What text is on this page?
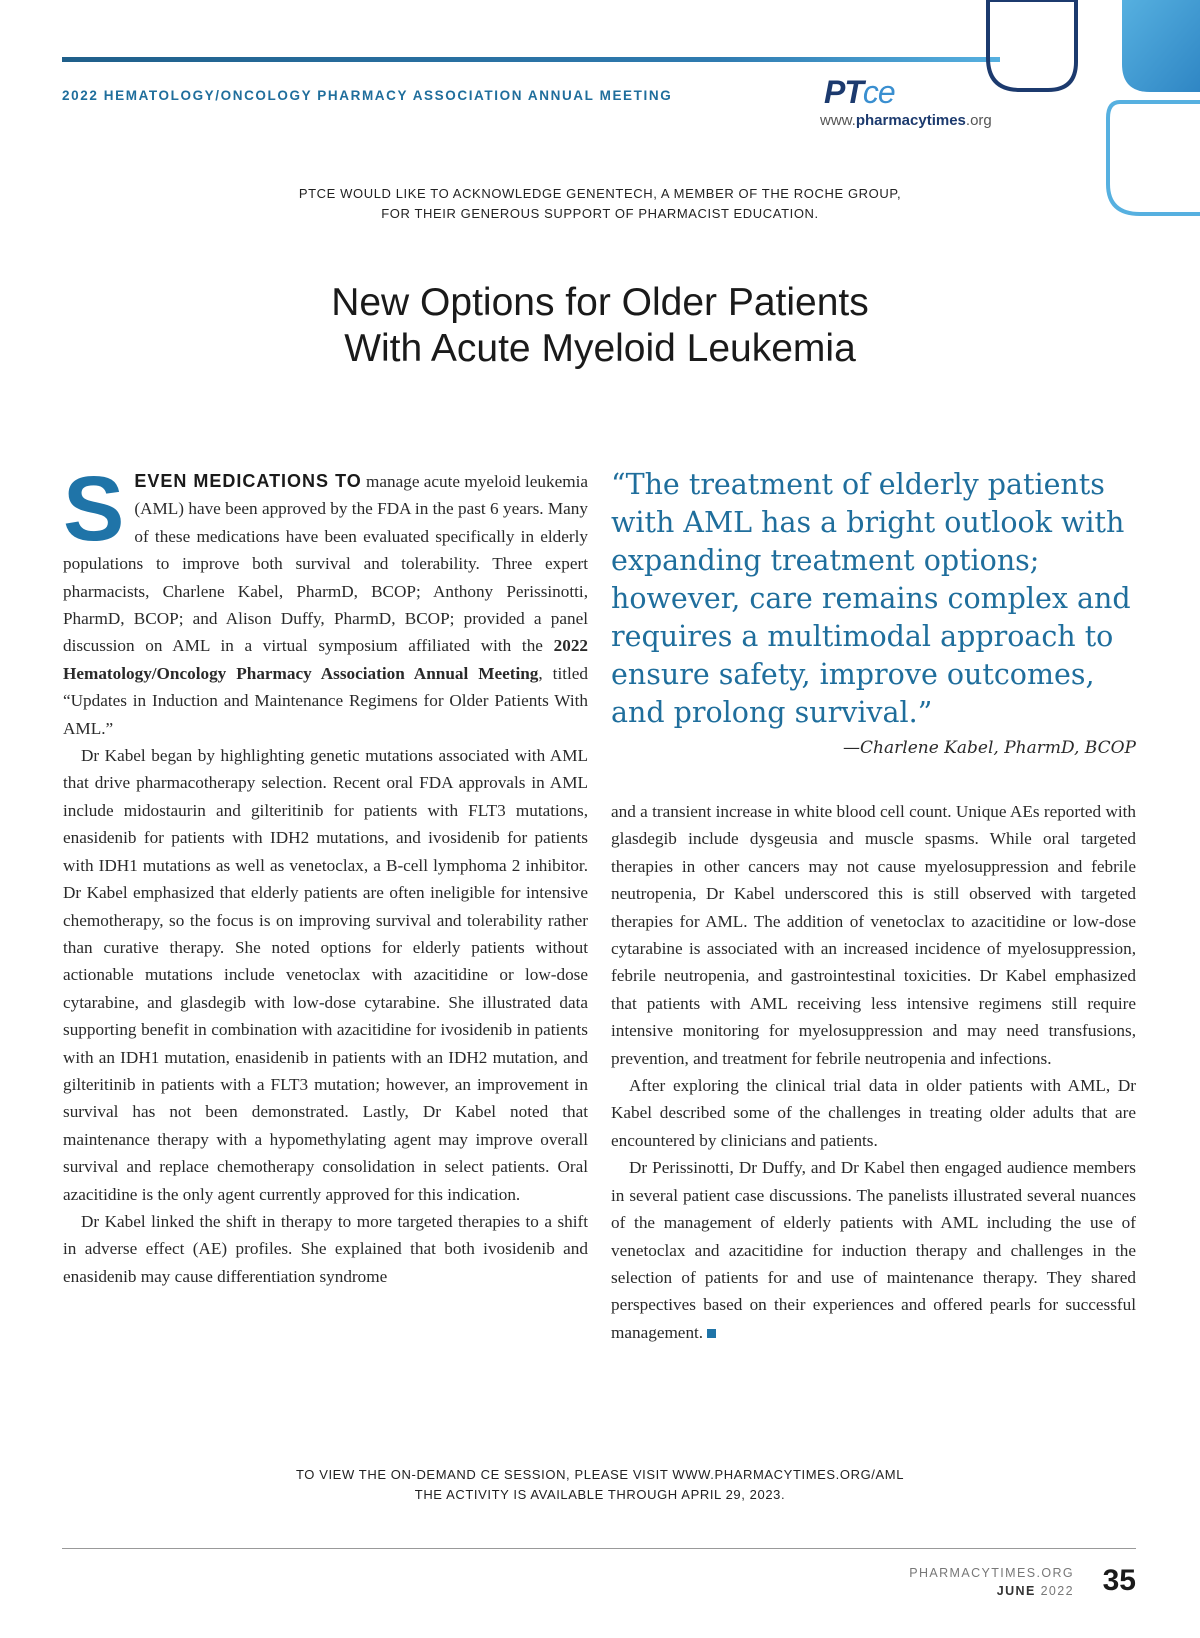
2022 HEMATOLOGY/ONCOLOGY PHARMACY ASSOCIATION ANNUAL MEETING	PTce
www.pharmacytimes.org
PTCE WOULD LIKE TO ACKNOWLEDGE GENENTECH, A MEMBER OF THE ROCHE GROUP,
FOR THEIR GENEROUS SUPPORT OF PHARMACIST EDUCATION.
New Options for Older Patients
With Acute Myeloid Leukemia

SEVEN MEDICATIONS TO manage acute myeloid leukemia (AML) have been approved by the FDA in the past 6 years. Many of these medications have been evaluated specifically in elderly populations to improve both survival and tolerability. Three expert pharmacists, Charlene Kabel, PharmD, BCOP; Anthony Perissinotti, PharmD, BCOP; and Alison Duffy, PharmD, BCOP; provided a panel discussion on AML in a virtual symposium affiliated with the 2022 Hematology/Oncology Pharmacy Association Annual Meeting, titled “Updates in Induction and Maintenance Regimens for Older Patients With AML.”

Dr Kabel began by highlighting genetic mutations associated with AML that drive pharmacotherapy selection. Recent oral FDA approvals in AML include midostaurin and gilteritinib for patients with FLT3 mutations, enasidenib for patients with IDH2 mutations, and ivosidenib for patients with IDH1 mutations as well as venetoclax, a B-cell lymphoma 2 inhibitor. Dr Kabel emphasized that elderly patients are often ineligible for intensive chemotherapy, so the focus is on improving survival and tolerability rather than curative therapy. She noted options for elderly patients without actionable mutations include venetoclax with azacitidine or low-dose cytarabine, and glasdegib with low-dose cytarabine. She illustrated data supporting benefit in combination with azacitidine for ivosidenib in patients with an IDH1 mutation, enasidenib in patients with an IDH2 mutation, and gilteritinib in patients with a FLT3 mutation; however, an improvement in survival has not been demonstrated. Lastly, Dr Kabel noted that maintenance therapy with a hypomethylating agent may improve overall survival and replace chemotherapy consolidation in select patients. Oral azacitidine is the only agent currently approved for this indication.

Dr Kabel linked the shift in therapy to more targeted therapies to a shift in adverse effect (AE) profiles. She explained that both ivosidenib and enasidenib may cause differentiation syndrome

“The treatment of elderly patients with AML has a bright outlook with expanding treatment options; however, care remains complex and requires a multimodal approach to ensure safety, improve outcomes, and prolong survival.”
—Charlene Kabel, PharmD, BCOP

and a transient increase in white blood cell count. Unique AEs reported with glasdegib include dysgeusia and muscle spasms. While oral targeted therapies in other cancers may not cause myelosuppression and febrile neutropenia, Dr Kabel underscored this is still observed with targeted therapies for AML. The addition of venetoclax to azacitidine or low-dose cytarabine is associated with an increased incidence of myelosuppression, febrile neutropenia, and gastrointestinal toxicities. Dr Kabel emphasized that patients with AML receiving less intensive regimens still require intensive monitoring for myelosuppression and may need transfusions, prevention, and treatment for febrile neutropenia and infections.

After exploring the clinical trial data in older patients with AML, Dr Kabel described some of the challenges in treating older adults that are encountered by clinicians and patients.

Dr Perissinotti, Dr Duffy, and Dr Kabel then engaged audience members in several patient case discussions. The panelists illustrated several nuances of the management of elderly patients with AML including the use of venetoclax and azacitidine for induction therapy and challenges in the selection of patients for and use of maintenance therapy. They shared perspectives based on their experiences and offered pearls for successful management.

TO VIEW THE ON-DEMAND CE SESSION, PLEASE VISIT WWW.PHARMACYTIMES.ORG/AML
THE ACTIVITY IS AVAILABLE THROUGH APRIL 29, 2023.
PHARMACYTIMES.ORG
JUNE 2022 35
